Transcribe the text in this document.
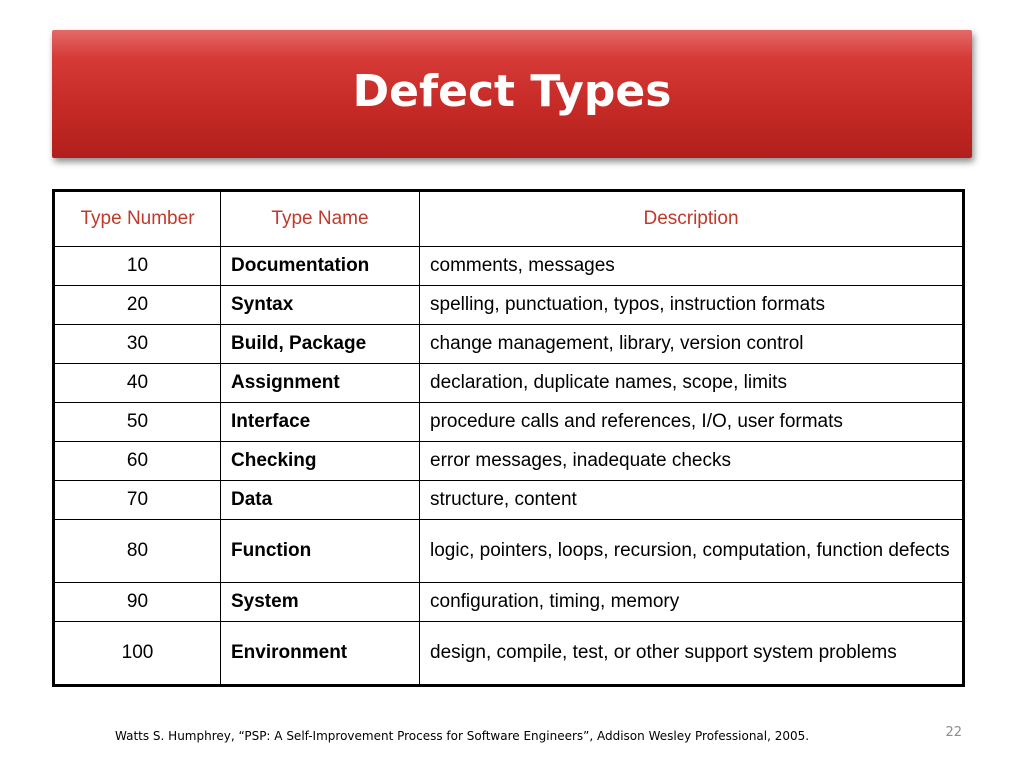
Defect Types
Type Number	Type Name	Description
10	Documentation	comments, messages
20	Syntax	spelling, punctuation, typos, instruction formats
30	Build, Package	change management, library, version control
40	Assignment	declaration, duplicate names, scope, limits
50	Interface	procedure calls and references, I/O, user formats
60	Checking	error messages, inadequate checks
70	Data	structure, content
80	Function	logic, pointers, loops, recursion, computation, function defects
90	System	configuration, timing, memory
100	Environment	design, compile, test, or other support system problems
Watts S. Humphrey, “PSP: A Self-Improvement Process for Software Engineers”, Addison Wesley Professional, 2005.	22
